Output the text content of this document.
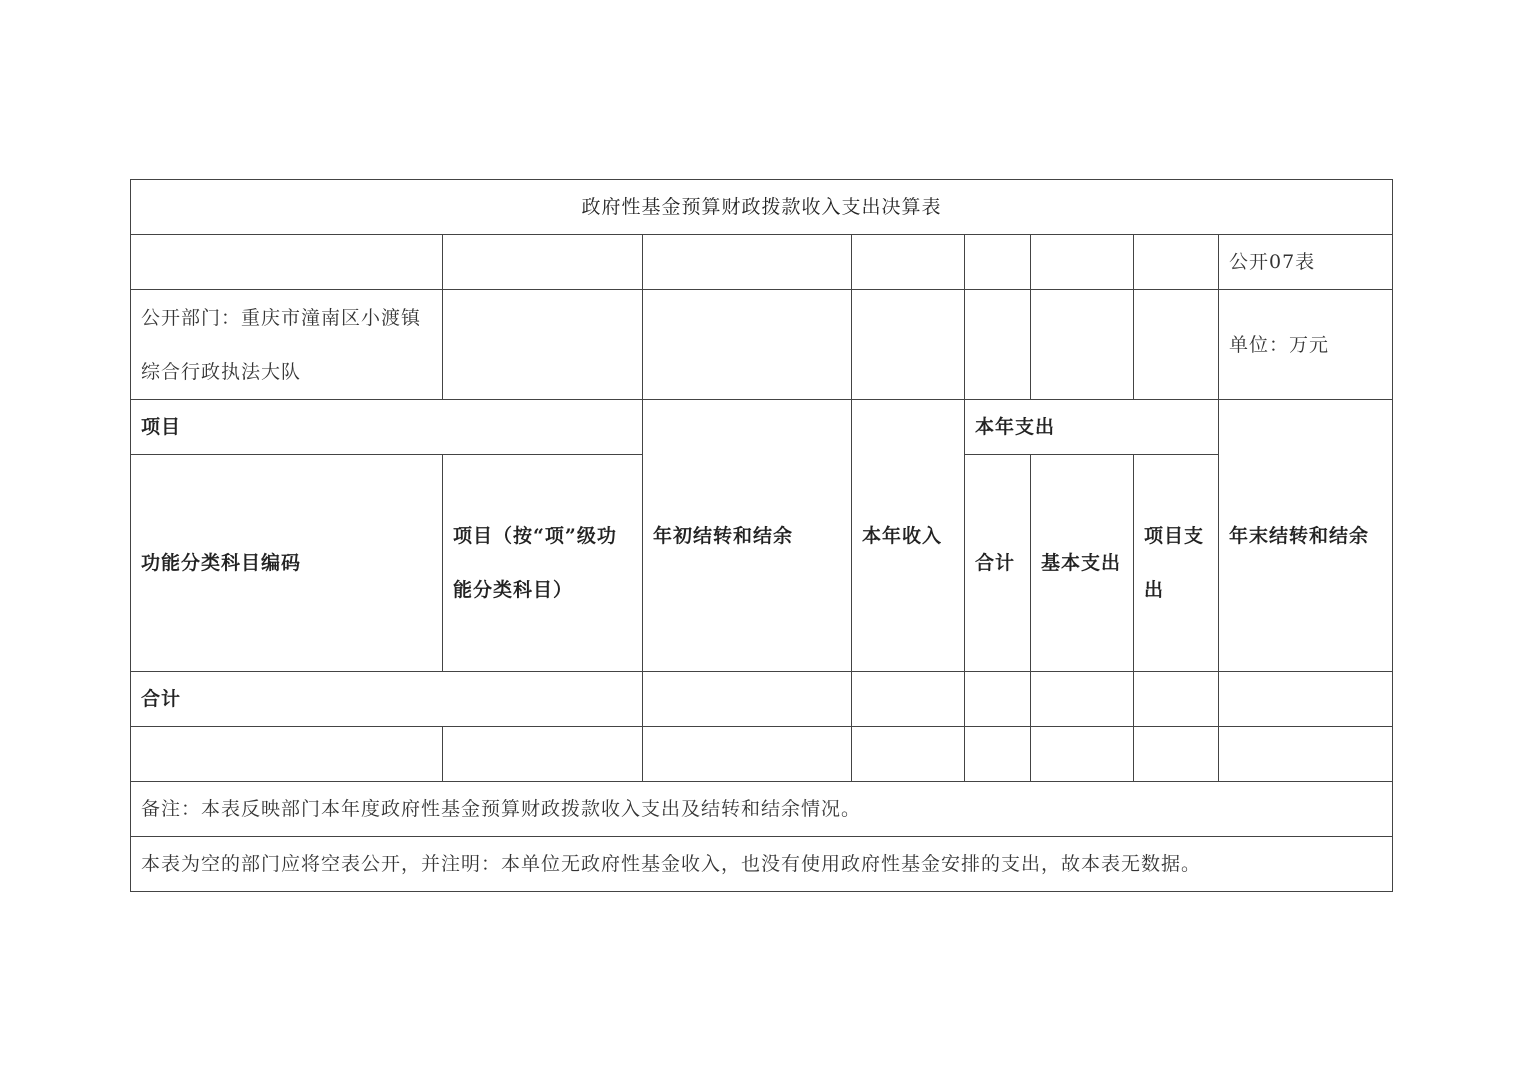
政府性基金预算财政拨款收入支出决算表							
							公开07表
公开部门：重庆市潼南区小渡镇综合行政执法大队							单位：万元
项目		年初结转和结余	本年收入	本年支出			年末结转和结余
功能分类科目编码	项目（按“项”级功能分类科目）			合计	基本支出	项目支出	
合计							

备注：本表反映部门本年度政府性基金预算财政拨款收入支出及结转和结余情况。							
本表为空的部门应将空表公开，并注明：本单位无政府性基金收入，也没有使用政府性基金安排的支出，故本表无数据。							
